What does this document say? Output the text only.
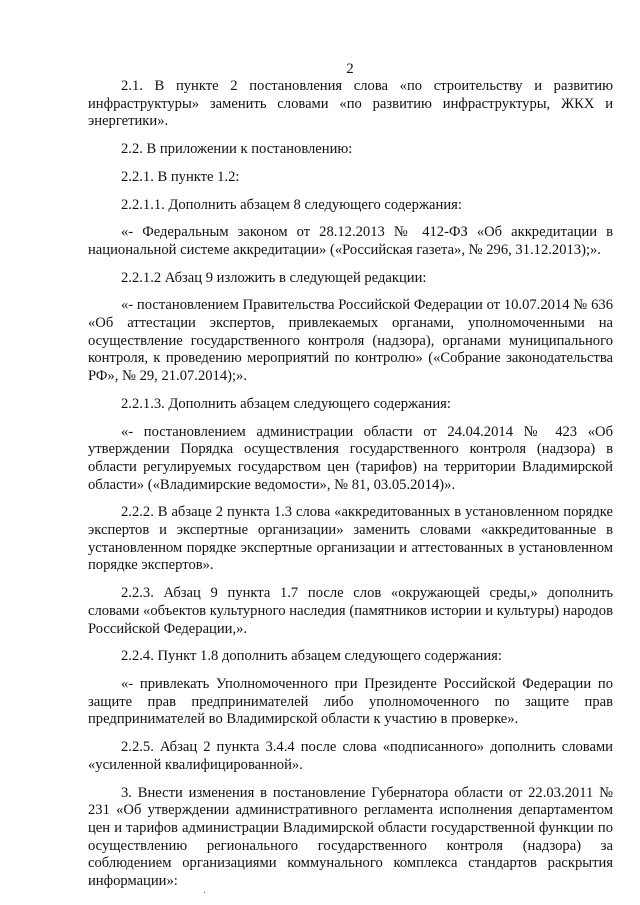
2

2.1. В пункте 2 постановления слова «по строительству и развитию инфраструктуры» заменить словами «по развитию инфраструктуры, ЖКХ и энергетики».

2.2. В приложении к постановлению:

2.2.1. В пункте 1.2:

2.2.1.1. Дополнить абзацем 8 следующего содержания:

«- Федеральным законом от 28.12.2013 № 412-ФЗ «Об аккредитации в национальной системе аккредитации» («Российская газета», № 296, 31.12.2013);».

2.2.1.2 Абзац 9 изложить в следующей редакции:

«- постановлением Правительства Российской Федерации от 10.07.2014 № 636 «Об аттестации экспертов, привлекаемых органами, уполномоченными на осуществление государственного контроля (надзора), органами муниципального контроля, к проведению мероприятий по контролю» («Собрание законодательства РФ», № 29, 21.07.2014);».

2.2.1.3. Дополнить абзацем следующего содержания:

«- постановлением администрации области от 24.04.2014 № 423 «Об утверждении Порядка осуществления государственного контроля (надзора) в области регулируемых государством цен (тарифов) на территории Владимирской области» («Владимирские ведомости», № 81, 03.05.2014)».

2.2.2. В абзаце 2 пункта 1.3 слова «аккредитованных в установленном порядке экспертов и экспертные организации» заменить словами «аккредитованные в установленном порядке экспертные организации и аттестованных в установленном порядке экспертов».

2.2.3. Абзац 9 пункта 1.7 после слов «окружающей среды,» дополнить словами «объектов культурного наследия (памятников истории и культуры) народов Российской Федерации,».

2.2.4. Пункт 1.8 дополнить абзацем следующего содержания:

«- привлекать Уполномоченного при Президенте Российской Федерации по защите прав предпринимателей либо уполномоченного по защите прав предпринимателей во Владимирской области к участию в проверке».

2.2.5. Абзац 2 пункта 3.4.4 после слова «подписанного» дополнить словами «усиленной квалифицированной».

3. Внести изменения в постановление Губернатора области от 22.03.2011 № 231 «Об утверждении административного регламента исполнения департаментом цен и тарифов администрации Владимирской области государственной функции по осуществлению регионального государственного контроля (надзора) за соблюдением организациями коммунального комплекса стандартов раскрытия информации»:

·
